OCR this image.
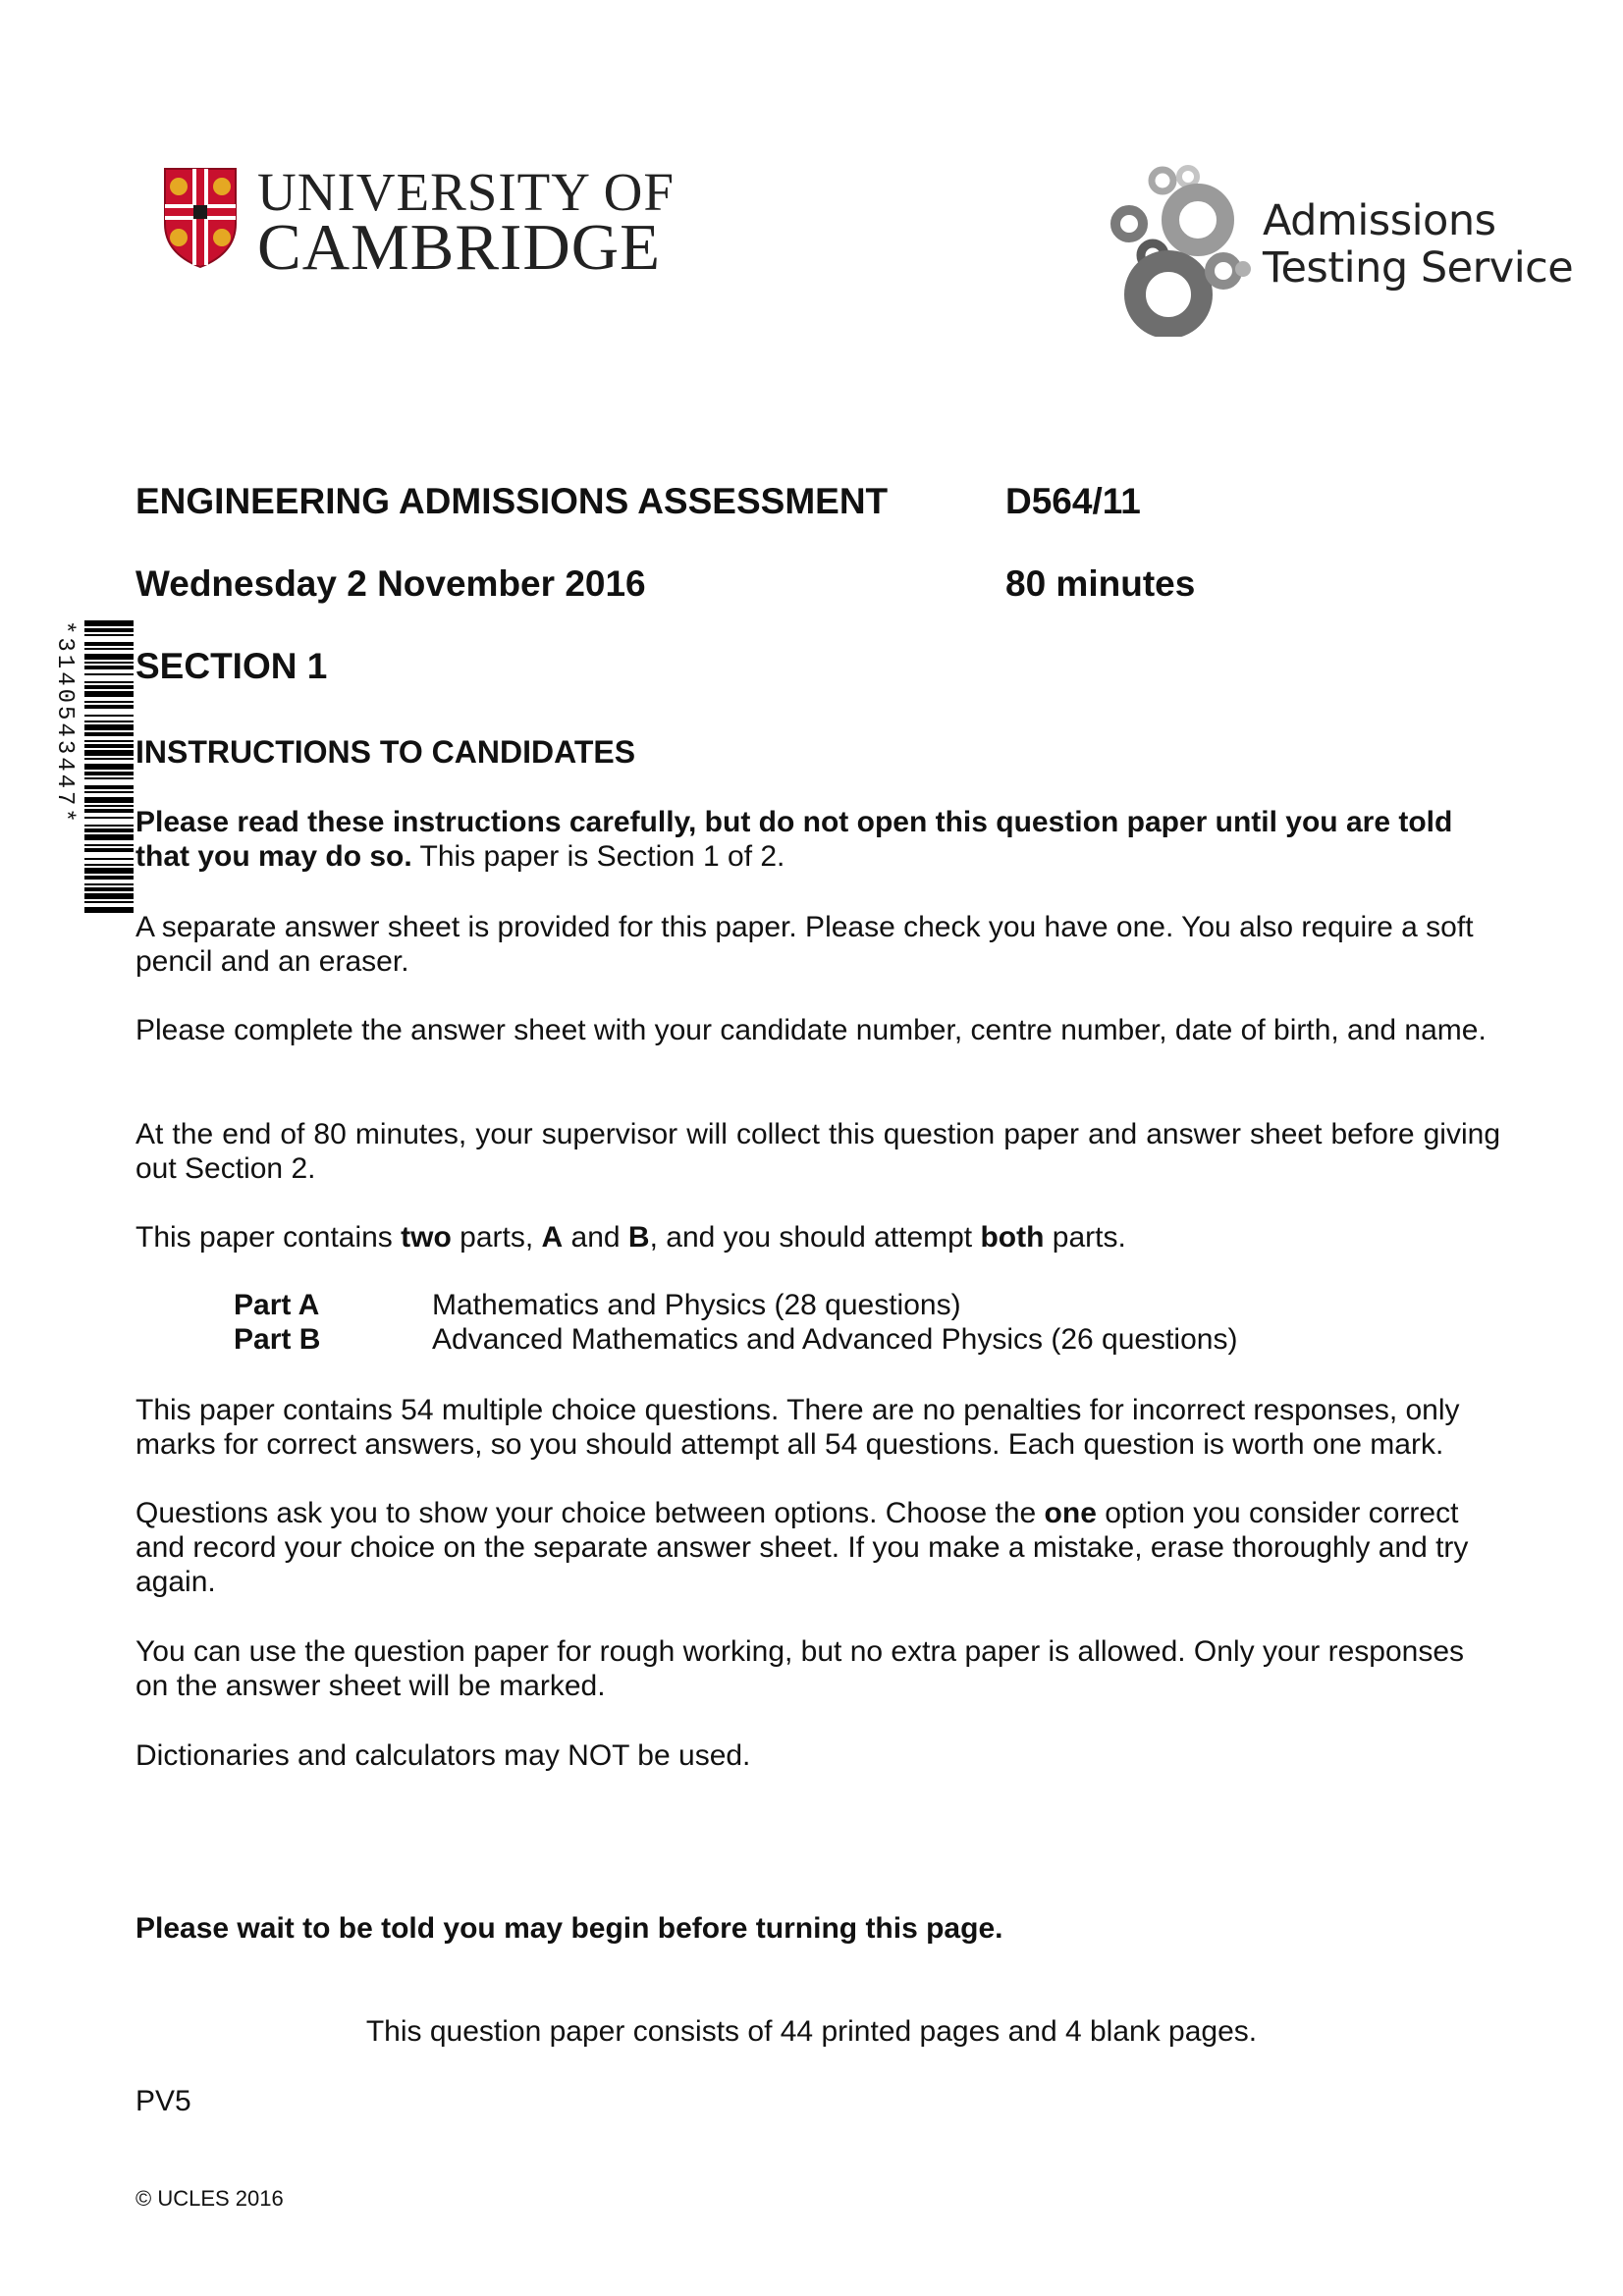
UNIVERSITY OF
CAMBRIDGE	Admissions
Testing Service
ENGINEERING ADMISSIONS ASSESSMENT	D564/11
Wednesday 2 November 2016	80 minutes
SECTION 1
*3140543447* INSTRUCTIONS TO CANDIDATES
Please read these instructions carefully, but do not open this question paper until you are told that you may do so. This paper is Section 1 of 2.
A separate answer sheet is provided for this paper. Please check you have one. You also require a soft pencil and an eraser.
Please complete the answer sheet with your candidate number, centre number, date of birth, and name.
At the end of 80 minutes, your supervisor will collect this question paper and answer sheet before giving out Section 2.
This paper contains two parts, A and B, and you should attempt both parts.
Part A	Mathematics and Physics (28 questions)
Part B	Advanced Mathematics and Advanced Physics (26 questions)
This paper contains 54 multiple choice questions. There are no penalties for incorrect responses, only marks for correct answers, so you should attempt all 54 questions. Each question is worth one mark.
Questions ask you to show your choice between options. Choose the one option you consider correct and record your choice on the separate answer sheet. If you make a mistake, erase thoroughly and try again.
You can use the question paper for rough working, but no extra paper is allowed. Only your responses on the answer sheet will be marked.
Dictionaries and calculators may NOT be used.
Please wait to be told you may begin before turning this page.
This question paper consists of 44 printed pages and 4 blank pages.
PV5
© UCLES 2016
